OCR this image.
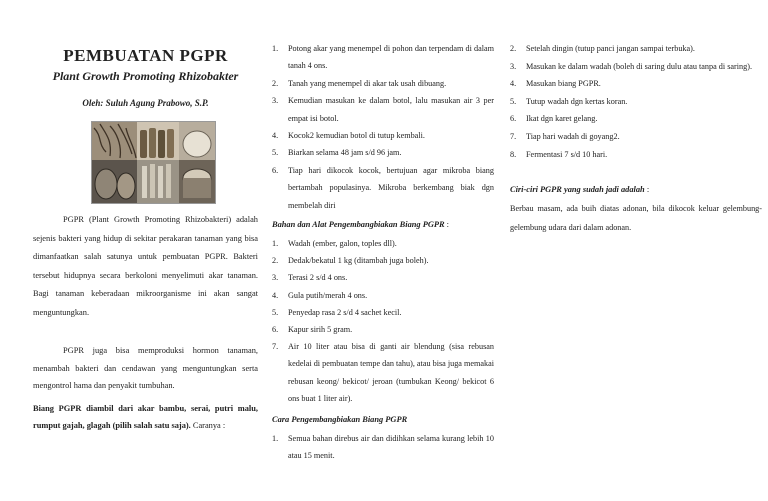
PEMBUATAN PGPR
Plant Growth Promoting Rhizobakter
Oleh: Suluh Agung Prabowo, S.P.
PGPR (Plant Growth Promoting Rhizobakteri) adalah sejenis bakteri yang hidup di sekitar perakaran tanaman yang bisa dimanfaatkan salah satunya untuk pembuatan PGPR. Bakteri tersebut hidupnya secara berkoloni menyelimuti akar tanaman. Bagi tanaman keberadaan mikroorganisme ini akan sangat menguntungkan.
PGPR juga bisa memproduksi hormon tanaman, menambah bakteri dan cendawan yang menguntungkan serta mengontrol hama dan penyakit tumbuhan.
Biang PGPR diambil dari akar bambu, serai, putri malu, rumput gajah, glagah (pilih salah satu saja). Caranya :
1. Potong akar yang menempel di pohon dan terpendam di dalam tanah 4 ons.
2. Tanah yang menempel di akar tak usah dibuang.
3. Kemudian masukan ke dalam botol, lalu masukan air 3 per empat isi botol.
4. Kocok2 kemudian botol di tutup kembali.
5. Biarkan selama 48 jam s/d 96 jam.
6. Tiap hari dikocok kocok, bertujuan agar mikroba biang bertambah populasinya. Mikroba berkembang biak dgn membelah diri
Bahan dan Alat Pengembangbiakan Biang PGPR :
1. Wadah (ember, galon, toples dll).
2. Dedak/bekatul 1 kg (ditambah juga boleh).
3. Terasi 2 s/d 4 ons.
4. Gula putih/merah 4 ons.
5. Penyedap rasa 2 s/d 4 sachet kecil.
6. Kapur sirih 5 gram.
7. Air 10 liter atau bisa di ganti air blendung (sisa rebusan kedelai di pembuatan tempe dan tahu), atau bisa juga memakai rebusan keong/ bekicot/ jeroan (tumbukan Keong/ bekicot 6 ons buat 1 liter air).
Cara Pengembangbiakan Biang PGPR
1. Semua bahan direbus air dan didihkan selama kurang lebih 10 atau 15 menit.
2. Setelah dingin (tutup panci jangan sampai terbuka).
3. Masukan ke dalam wadah (boleh di saring dulu atau tanpa di saring).
4. Masukan biang PGPR.
5. Tutup wadah dgn kertas koran.
6. Ikat dgn karet gelang.
7. Tiap hari wadah di goyang2.
8. Fermentasi 7 s/d 10 hari.
Ciri-ciri PGPR yang sudah jadi adalah :
Berbau masam, ada buih diatas adonan, bila dikocok keluar gelembung-gelembung udara dari dalam adonan.
